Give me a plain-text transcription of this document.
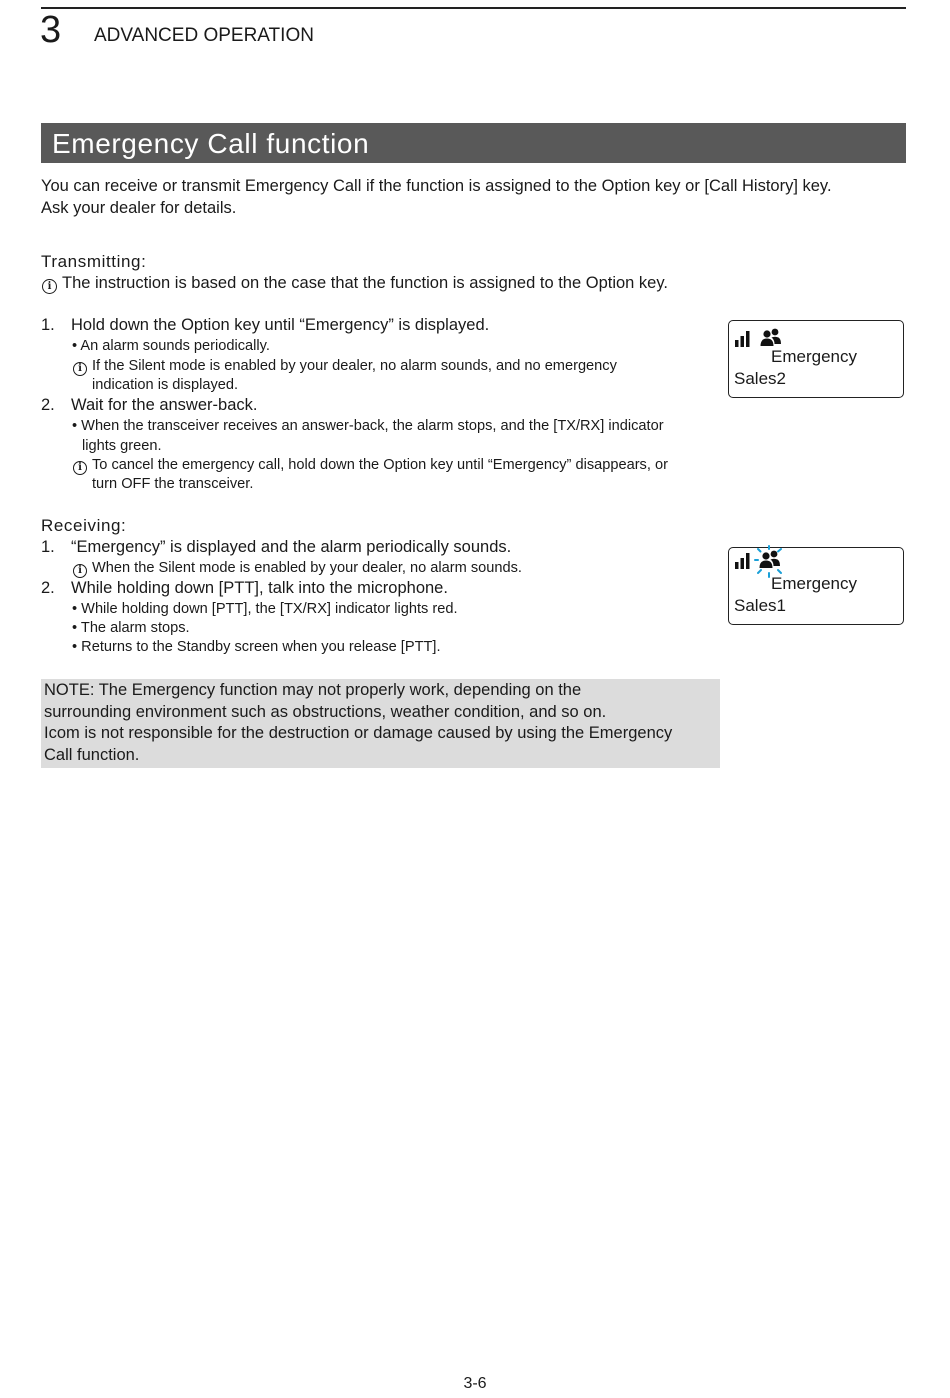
3 ADVANCED OPERATION
Emergency Call function
You can receive or transmit Emergency Call if the function is assigned to the Option key or [Call History] key.
Ask your dealer for details.
Transmitting:
i The instruction is based on the case that the function is assigned to the Option key.
1. Hold down the Option key until “Emergency” is displayed.
• An alarm sounds periodically.
i If the Silent mode is enabled by your dealer, no alarm sounds, and no emergency
indication is displayed.
2. Wait for the answer-back.
• When the transceiver receives an answer-back, the alarm stops, and the [TX/RX] indicator
lights green.
i To cancel the emergency call, hold down the Option key until “Emergency” disappears, or
turn OFF the transceiver.
Receiving:
1. “Emergency” is displayed and the alarm periodically sounds.
i When the Silent mode is enabled by your dealer, no alarm sounds.
2. While holding down [PTT], talk into the microphone.
• While holding down [PTT], the [TX/RX] indicator lights red.
• The alarm stops.
• Returns to the Standby screen when you release [PTT].
Emergency
Sales2
Emergency
Sales1
NOTE: The Emergency function may not properly work, depending on the
surrounding environment such as obstructions, weather condition, and so on.
Icom is not responsible for the destruction or damage caused by using the Emergency
Call function.
3-6
